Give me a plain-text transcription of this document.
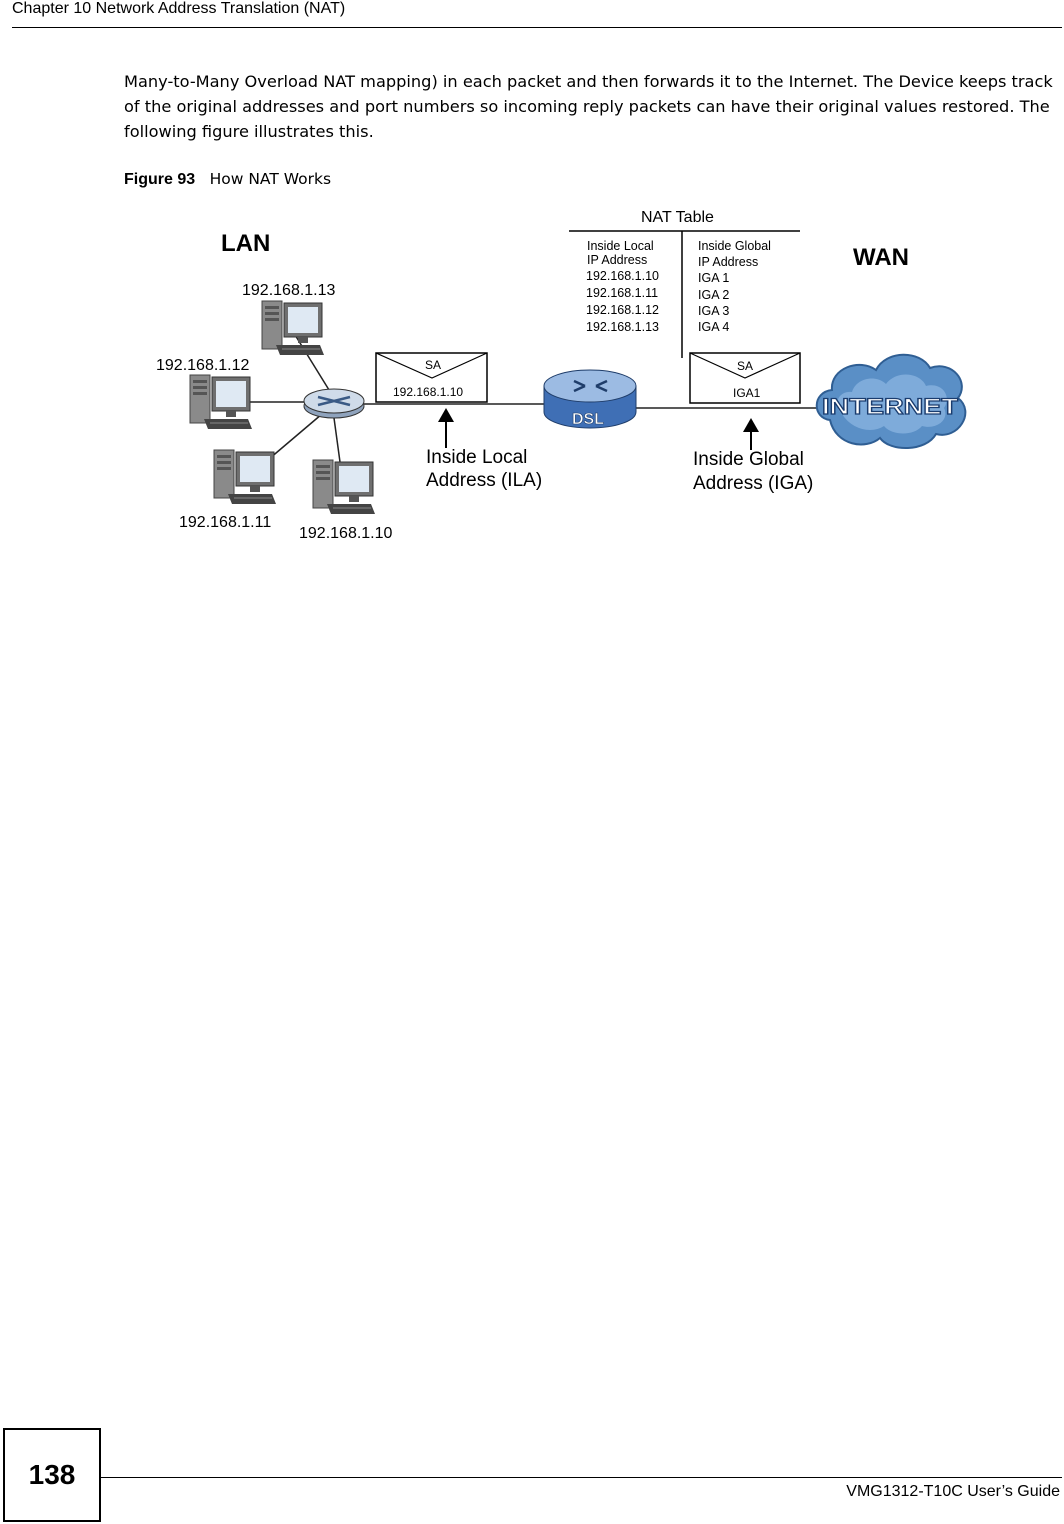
Chapter 10 Network Address Translation (NAT)
Many-to-Many Overload NAT mapping) in each packet and then forwards it to the Internet. The Device keeps track of the original addresses and port numbers so incoming reply packets can have their original values restored. The following figure illustrates this.
Figure 93 How NAT Works
LAN
WAN
NAT Table
Inside Local
IP Address
Inside Global
IP Address
192.168.1.10
192.168.1.11
192.168.1.12
192.168.1.13
IGA 1
IGA 2
IGA 3
IGA 4
192.168.1.13
192.168.1.12
192.168.1.11
192.168.1.10
SA
192.168.1.10
SA
IGA1
DSL
INTERNET
Inside Local
Address (ILA)
Inside Global
Address (IGA)
138
VMG1312-T10C User’s Guide
